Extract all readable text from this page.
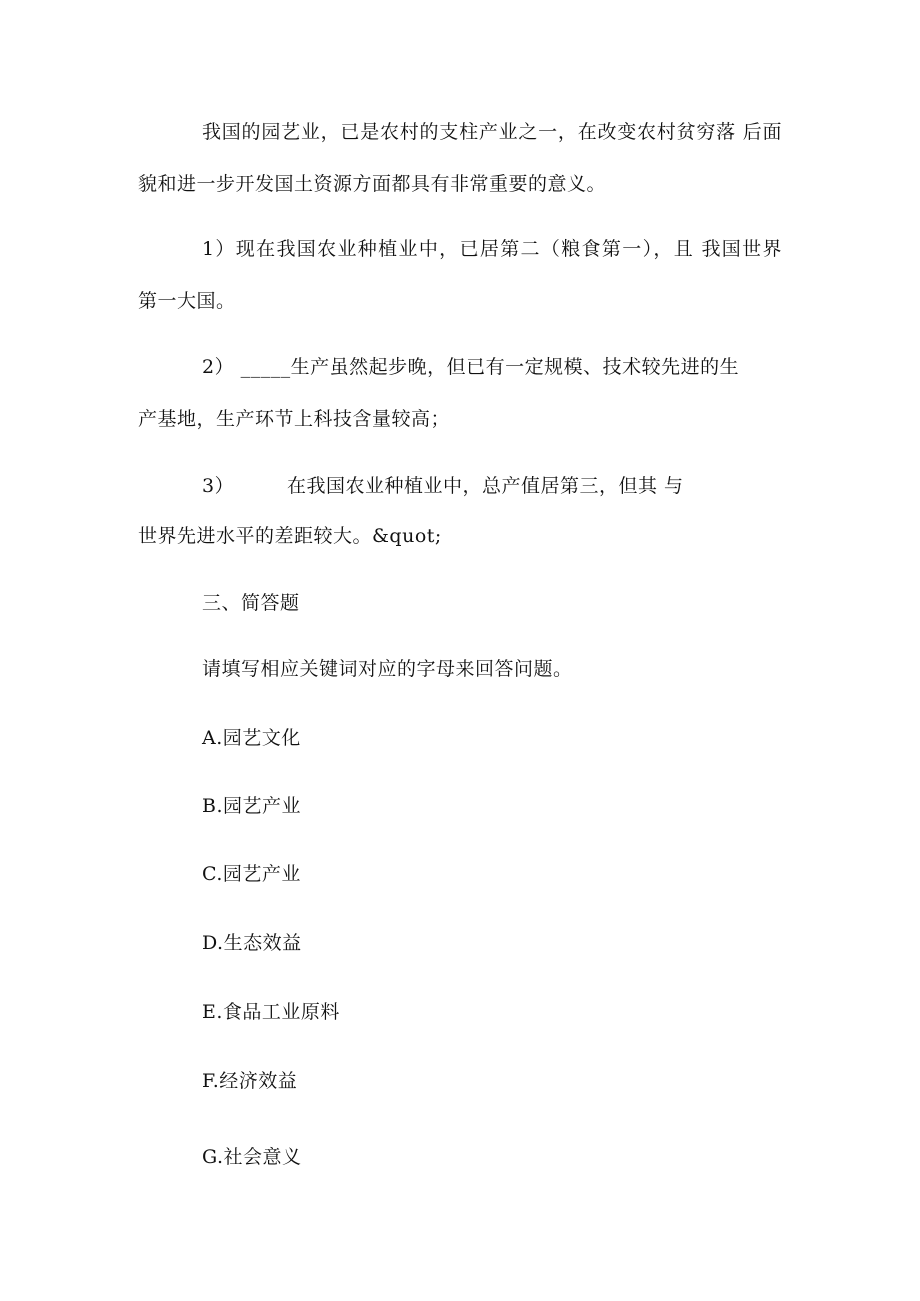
我国的园艺业，已是农村的支柱产业之一，在改变农村贫穷落 后面
貌和进一步开发国土资源方面都具有非常重要的意义。
1）现在我国农业种植业中，已居第二（粮食第一），且 我国世界
第一大国。
2） _____生产虽然起步晚，但已有一定规模、技术较先进的生
产基地，生产环节上科技含量较高；
3）	在我国农业种植业中，总产值居第三，但其 与
世界先进水平的差距较大。&quot;
三、简答题
请填写相应关键词对应的字母来回答问题。
A.园艺文化
B.园艺产业
C.园艺产业
D.生态效益
E.食品工业原料
F.经济效益
G.社会意义
